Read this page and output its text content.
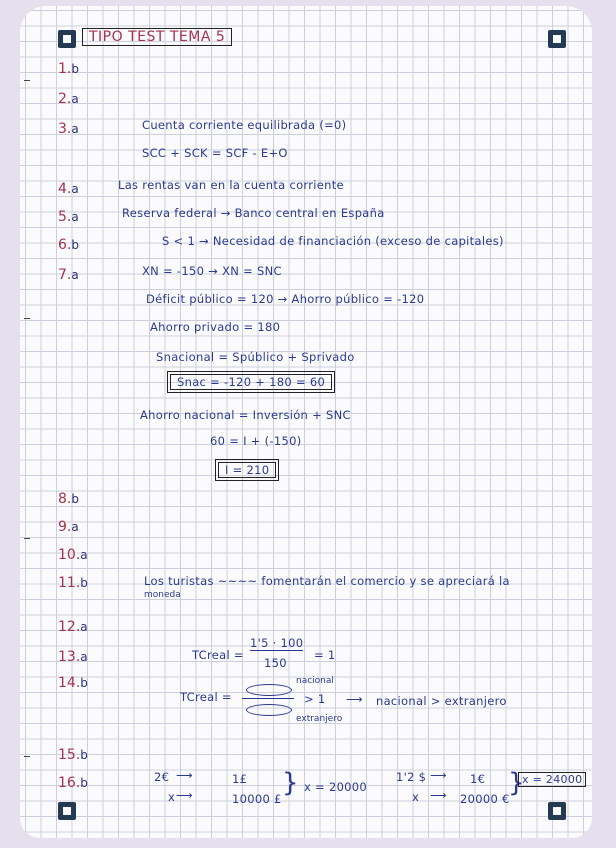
TIPO TEST TEMA 5
1.b
2.a
3.a
4.a
5.a
6.b
7.a
8.b
9.a
10.a
11.b
12.a
13.a
14.b
15.b
16.b
Cuenta corriente equilibrada (=0)
SCC + SCK = SCF - E+O
Las rentas van en la cuenta corriente
Reserva federal → Banco central en España
S < 1 → Necesidad de financiación (exceso de capitales)
XN = -150 → XN = SNC
Déficit público = 120 → Ahorro público = -120
Ahorro privado = 180
Snacional = Spúblico + Sprivado
Snac = -120 + 180 = 60
Ahorro nacional = Inversión + SNC
60 = I + (-150)
I = 210
Los turistas ~~~~ fomentarán el comercio y se apreciará la
moneda
TCreal =
1'5 · 100
150
= 1
TCreal =
nacional
extranjero
> 1 ⟶ nacional > extranjero
2€ ⟶	1£
x ⟶	10000 £
} x = 20000
1'2 $ ⟶ 1€
x ⟶ 20000 €
}
x = 24000
